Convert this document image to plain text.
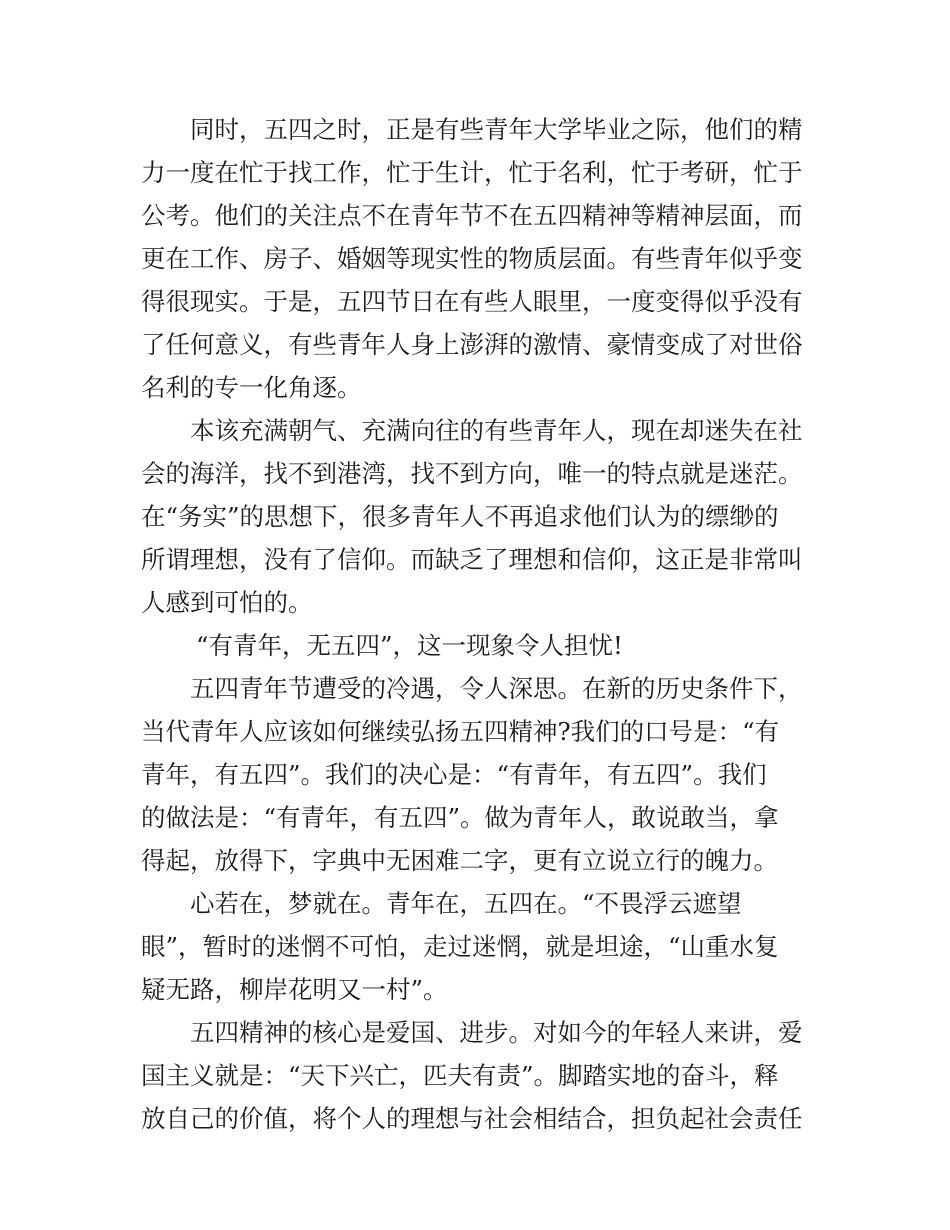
同时，五四之时，正是有些青年大学毕业之际，他们的精
力一度在忙于找工作，忙于生计，忙于名利，忙于考研，忙于
公考。他们的关注点不在青年节不在五四精神等精神层面，而
更在工作、房子、婚姻等现实性的物质层面。有些青年似乎变
得很现实。于是，五四节日在有些人眼里，一度变得似乎没有
了任何意义，有些青年人身上澎湃的激情、豪情变成了对世俗
名利的专一化角逐。
本该充满朝气、充满向往的有些青年人，现在却迷失在社
会的海洋，找不到港湾，找不到方向，唯一的特点就是迷茫。
在“务实”的思想下，很多青年人不再追求他们认为的缥缈的
所谓理想，没有了信仰。而缺乏了理想和信仰，这正是非常叫
人感到可怕的。
“有青年，无五四”，这一现象令人担忧!
五四青年节遭受的冷遇，令人深思。在新的历史条件下，
当代青年人应该如何继续弘扬五四精神?我们的口号是：“有
青年，有五四”。我们的决心是：“有青年，有五四”。我们
的做法是：“有青年，有五四”。做为青年人，敢说敢当，拿
得起，放得下，字典中无困难二字，更有立说立行的魄力。
心若在，梦就在。青年在，五四在。“不畏浮云遮望
眼”，暂时的迷惘不可怕，走过迷惘，就是坦途，“山重水复
疑无路，柳岸花明又一村”。
五四精神的核心是爱国、进步。对如今的年轻人来讲，爱
国主义就是：“天下兴亡，匹夫有责”。脚踏实地的奋斗，释
放自己的价值，将个人的理想与社会相结合，担负起社会责任
